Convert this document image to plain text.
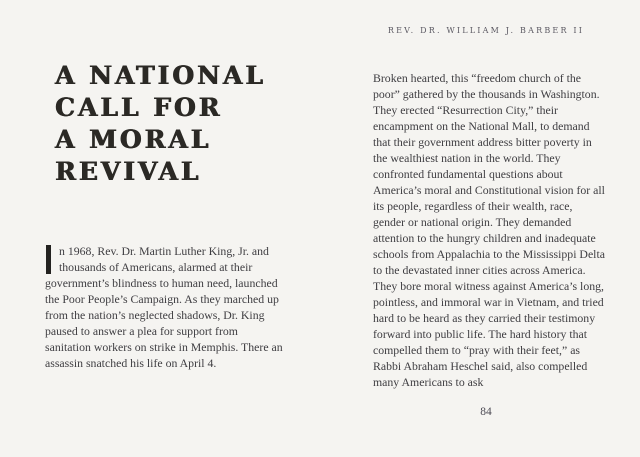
REV. DR. WILLIAM J. BARBER II
A NATIONAL
CALL FOR
A MORAL
REVIVAL

n 1968, Rev. Dr. Martin Luther King, Jr. and thousands of Americans, alarmed at their government’s blindness to human need, launched the Poor People’s Campaign. As they marched up from the nation’s neglected shadows, Dr. King paused to answer a plea for support from sanitation workers on strike in Memphis. There an assassin snatched his life on April 4.

Broken hearted, this “freedom church of the poor” gathered by the thousands in Washington. They erected “Resurrection City,” their encampment on the National Mall, to demand that their government address bitter poverty in the wealthiest nation in the world. They confronted fundamental questions about America’s moral and Constitutional vision for all its people, regardless of their wealth, race, gender or national origin. They demanded attention to the hungry children and inadequate schools from Appalachia to the Mississippi Delta to the devastated inner cities across America. They bore moral witness against America’s long, pointless, and immoral war in Vietnam, and tried hard to be heard as they carried their testimony forward into public life. The hard history that compelled them to “pray with their feet,” as Rabbi Abraham Heschel said, also compelled many Americans to ask

84
